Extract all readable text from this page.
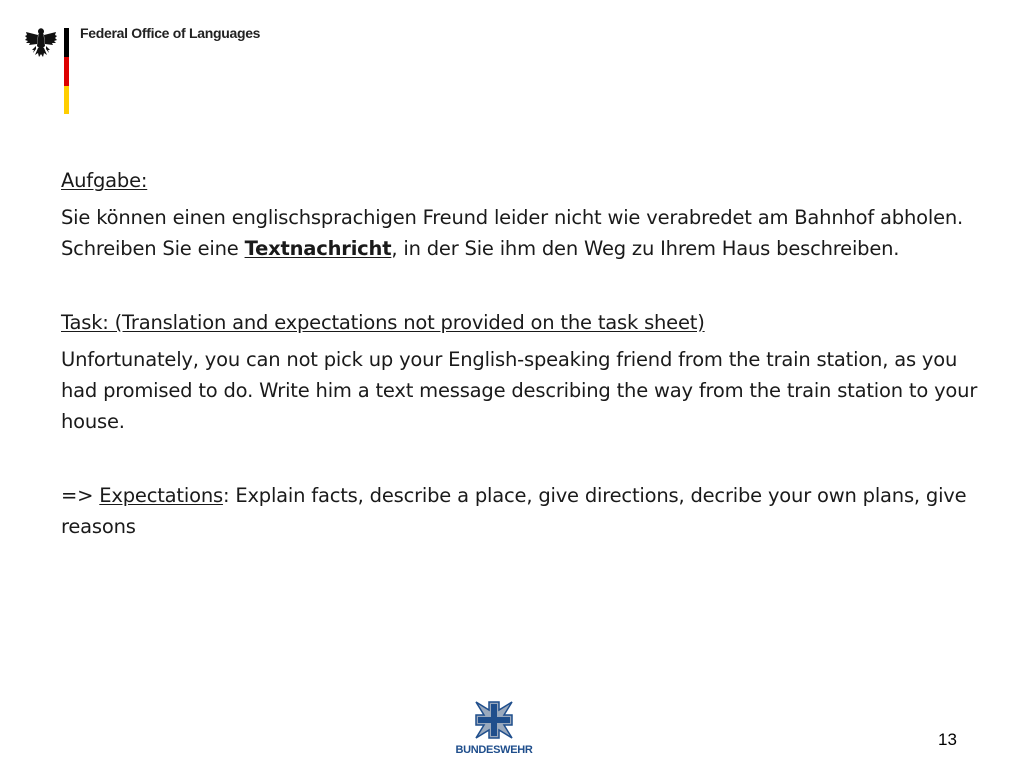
Federal Office of Languages

Aufgabe:

Sie können einen englischsprachigen Freund leider nicht wie verabredet am Bahnhof abholen. Schreiben Sie eine Textnachricht, in der Sie ihm den Weg zu Ihrem Haus beschreiben.

Task: (Translation and expectations not provided on the task sheet)

Unfortunately, you can not pick up your English-speaking friend from the train station, as you had promised to do. Write him a text message describing the way from the train station to your house.

=> Expectations: Explain facts, describe a place, give directions, decribe your own plans, give reasons

BUNDESWEHR
13
